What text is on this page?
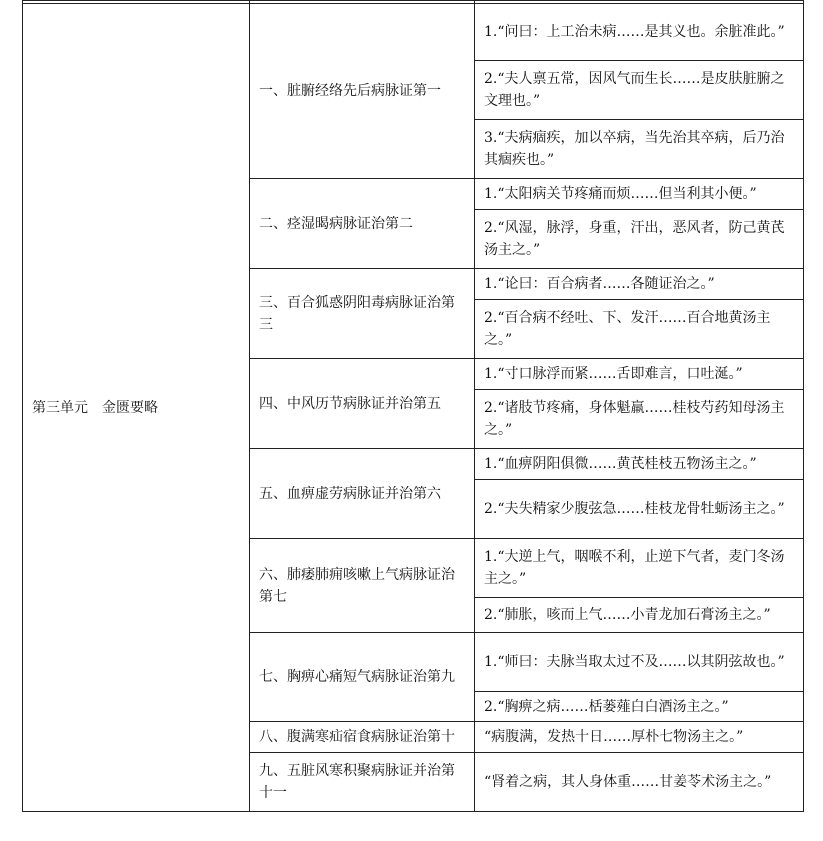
第三单元　金匮要略	一、脏腑经络先后病脉证第一	1.“问曰：上工治未病……是其义也。余脏准此。”
		2.“夫人禀五常，因风气而生长……是皮肤脏腑之文理也。”
		3.“夫病痼疾，加以卒病，当先治其卒病，后乃治其痼疾也。”
	二、痉湿暍病脉证治第二	1.“太阳病关节疼痛而烦……但当利其小便。”
		2.“风湿，脉浮，身重，汗出，恶风者，防己黄芪汤主之。”
	三、百合狐惑阴阳毒病脉证治第三	1.“论曰：百合病者……各随证治之。”
		2.“百合病不经吐、下、发汗……百合地黄汤主之。”
	四、中风历节病脉证并治第五	1.“寸口脉浮而紧……舌即难言，口吐涎。”
		2.“诸肢节疼痛，身体魁羸……桂枝芍药知母汤主之。”
	五、血痹虚劳病脉证并治第六	1.“血痹阴阳俱微……黄芪桂枝五物汤主之。”
		2.“夫失精家少腹弦急……桂枝龙骨牡蛎汤主之。”
	六、肺痿肺痈咳嗽上气病脉证治第七	1.“大逆上气，咽喉不利，止逆下气者，麦门冬汤主之。”
		2.“肺胀，咳而上气……小青龙加石膏汤主之。”
	七、胸痹心痛短气病脉证治第九	1.“师曰：夫脉当取太过不及……以其阴弦故也。”
		2.“胸痹之病……栝蒌薤白白酒汤主之。”
	八、腹满寒疝宿食病脉证治第十	“病腹满，发热十日……厚朴七物汤主之。”
	九、五脏风寒积聚病脉证并治第十一	“肾着之病，其人身体重……甘姜苓术汤主之。”
